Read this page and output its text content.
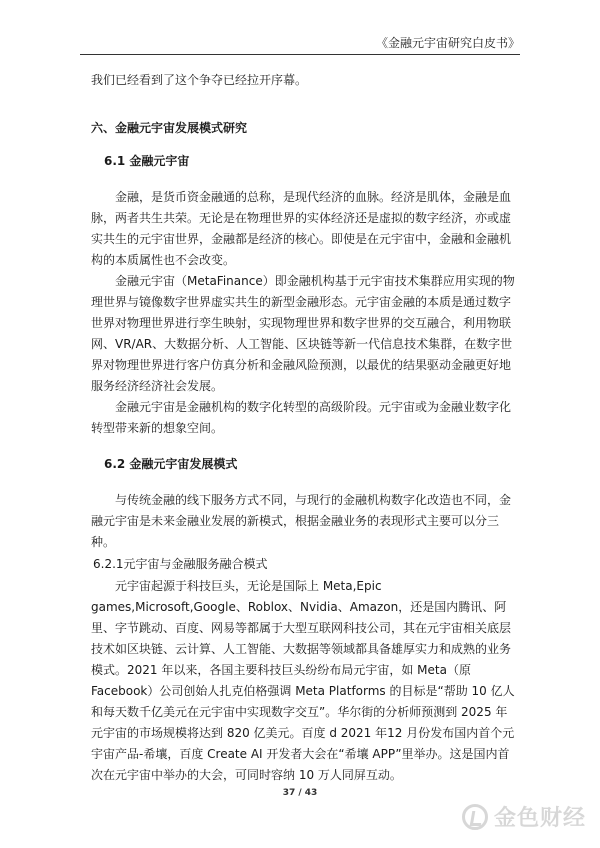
《金融元宇宙研究白皮书》

我们已经看到了这个争夺已经拉开序幕。

六、金融元宇宙发展模式研究

6.1 金融元宇宙

金融，是货币资金融通的总称，是现代经济的血脉。经济是肌体，金融是血脉，两者共生共荣。无论是在物理世界的实体经济还是虚拟的数字经济，亦或虚实共生的元宇宙世界，金融都是经济的核心。即使是在元宇宙中，金融和金融机构的本质属性也不会改变。

金融元宇宙（MetaFinance）即金融机构基于元宇宙技术集群应用实现的物理世界与镜像数字世界虚实共生的新型金融形态。元宇宙金融的本质是通过数字世界对物理世界进行孪生映射，实现物理世界和数字世界的交互融合，利用物联网、VR/AR、大数据分析、人工智能、区块链等新一代信息技术集群，在数字世界对物理世界进行客户仿真分析和金融风险预测，以最优的结果驱动金融更好地服务经济经济社会发展。

金融元宇宙是金融机构的数字化转型的高级阶段。元宇宙或为金融业数字化转型带来新的想象空间。

6.2 金融元宇宙发展模式

与传统金融的线下服务方式不同，与现行的金融机构数字化改造也不同，金 融元宇宙是未来金融业发展的新模式，根据金融业务的表现形式主要可以分三种。

6.2.1元宇宙与金融服务融合模式

元宇宙起源于科技巨头，无论是国际上 Meta,Epic games,Microsoft,Google、Roblox、Nvidia、Amazon，还是国内腾讯、阿里、字节跳动、百度、网易等都属于大型互联网科技公司，其在元宇宙相关底层技术如区块链、云计算、人工智能、大数据等领域都具备雄厚实力和成熟的业务模式。2021 年以来，各国主要科技巨头纷纷布局元宇宙，如 Meta（原Facebook）公司创始人扎克伯格强调 Meta Platforms 的目标是“帮助 10 亿人和每天数千亿美元在元宇宙中实现数字交互”。华尔街的分析师预测到 2025 年元宇宙的市场规模将达到 820 亿美元。百度 d 2021 年12 月份发布国内首个元宇宙产品-希壤，百度 Create AI 开发者大会在“希壤 APP”里举办。这是国内首次在元宇宙中举办的大会，可同时容纳 10 万人同屏互动。

37 / 43
金色财经
